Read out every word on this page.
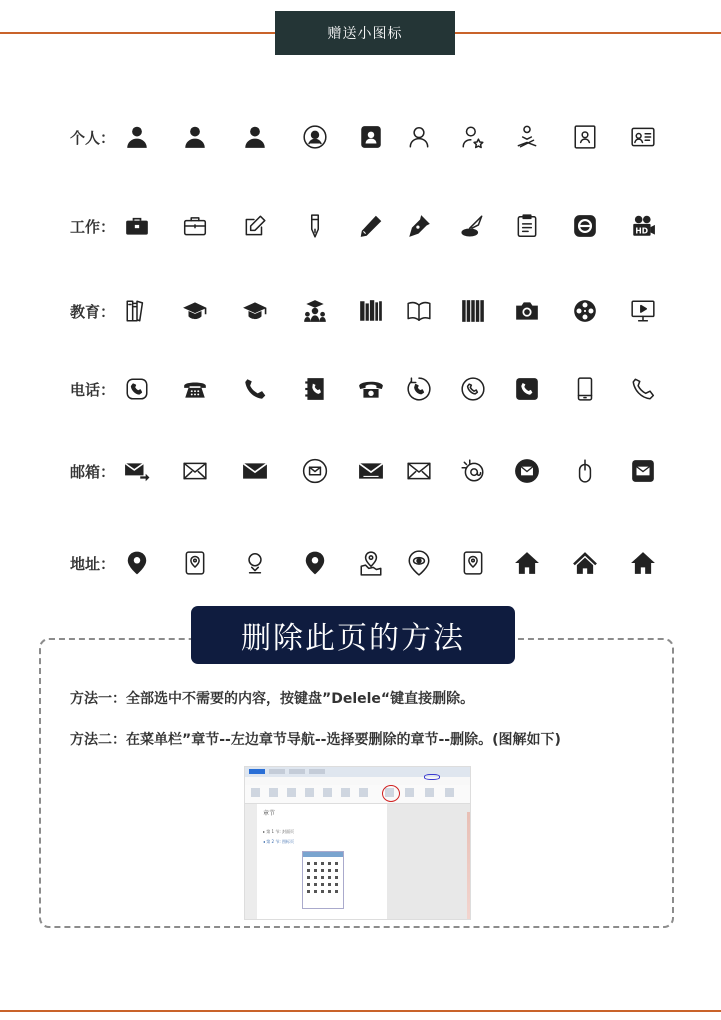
赠送小图标
个人：
工作：	HD
教育：
电话：
邮箱：
地址：
删除此页的方法
方法一：全部选中不需要的内容，按键盘”Delele“键直接删除。
方法二：在菜单栏”章节--左边章节导航--选择要删除的章节--删除。(图解如下)
章节
▸ 第 1 节: 封面页
◂ 第 2 节: 图标页
